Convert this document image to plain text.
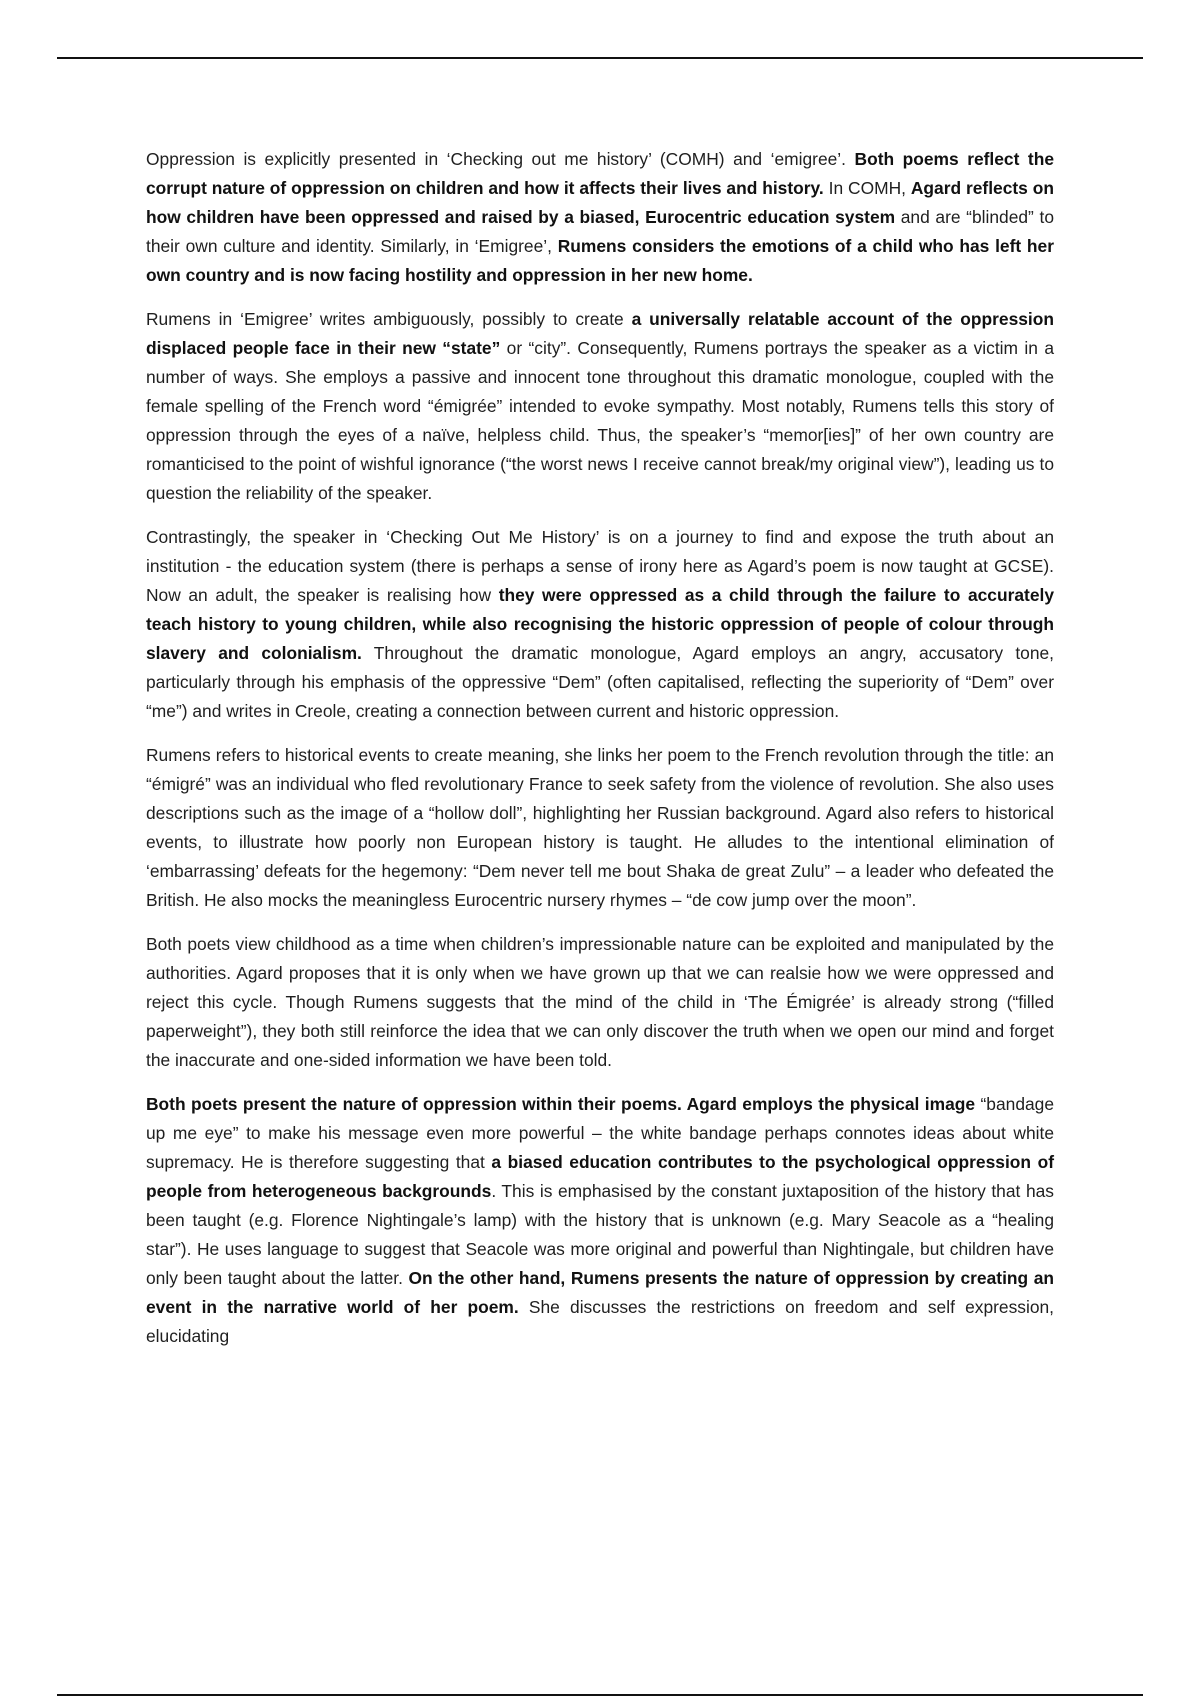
Oppression is explicitly presented in ‘Checking out me history’ (COMH) and ‘emigree’. Both poems reflect the corrupt nature of oppression on children and how it affects their lives and history. In COMH, Agard reflects on how children have been oppressed and raised by a biased, Eurocentric education system and are “blinded” to their own culture and identity. Similarly, in ‘Emigree’, Rumens considers the emotions of a child who has left her own country and is now facing hostility and oppression in her new home.

Rumens in ‘Emigree’ writes ambiguously, possibly to create a universally relatable account of the oppression displaced people face in their new “state” or “city”. Consequently, Rumens portrays the speaker as a victim in a number of ways. She employs a passive and innocent tone throughout this dramatic monologue, coupled with the female spelling of the French word “émigrée” intended to evoke sympathy. Most notably, Rumens tells this story of oppression through the eyes of a naïve, helpless child. Thus, the speaker’s “memor[ies]” of her own country are romanticised to the point of wishful ignorance (“the worst news I receive cannot break/my original view”), leading us to question the reliability of the speaker.

Contrastingly, the speaker in ‘Checking Out Me History’ is on a journey to find and expose the truth about an institution - the education system (there is perhaps a sense of irony here as Agard’s poem is now taught at GCSE). Now an adult, the speaker is realising how they were oppressed as a child through the failure to accurately teach history to young children, while also recognising the historic oppression of people of colour through slavery and colonialism. Throughout the dramatic monologue, Agard employs an angry, accusatory tone, particularly through his emphasis of the oppressive “Dem” (often capitalised, reflecting the superiority of “Dem” over “me”) and writes in Creole, creating a connection between current and historic oppression.

Rumens refers to historical events to create meaning, she links her poem to the French revolution through the title: an “émigré” was an individual who fled revolutionary France to seek safety from the violence of revolution. She also uses descriptions such as the image of a “hollow doll”, highlighting her Russian background. Agard also refers to historical events, to illustrate how poorly non European history is taught. He alludes to the intentional elimination of ‘embarrassing’ defeats for the hegemony: “Dem never tell me bout Shaka de great Zulu” – a leader who defeated the British. He also mocks the meaningless Eurocentric nursery rhymes – “de cow jump over the moon”.

Both poets view childhood as a time when children’s impressionable nature can be exploited and manipulated by the authorities. Agard proposes that it is only when we have grown up that we can realsie how we were oppressed and reject this cycle. Though Rumens suggests that the mind of the child in ‘The Émigrée’ is already strong (“filled paperweight”), they both still reinforce the idea that we can only discover the truth when we open our mind and forget the inaccurate and one-sided information we have been told.

Both poets present the nature of oppression within their poems. Agard employs the physical image “bandage up me eye” to make his message even more powerful – the white bandage perhaps connotes ideas about white supremacy. He is therefore suggesting that a biased education contributes to the psychological oppression of people from heterogeneous backgrounds. This is emphasised by the constant juxtaposition of the history that has been taught (e.g. Florence Nightingale’s lamp) with the history that is unknown (e.g. Mary Seacole as a “healing star”). He uses language to suggest that Seacole was more original and powerful than Nightingale, but children have only been taught about the latter. On the other hand, Rumens presents the nature of oppression by creating an event in the narrative world of her poem. She discusses the restrictions on freedom and self expression, elucidating
